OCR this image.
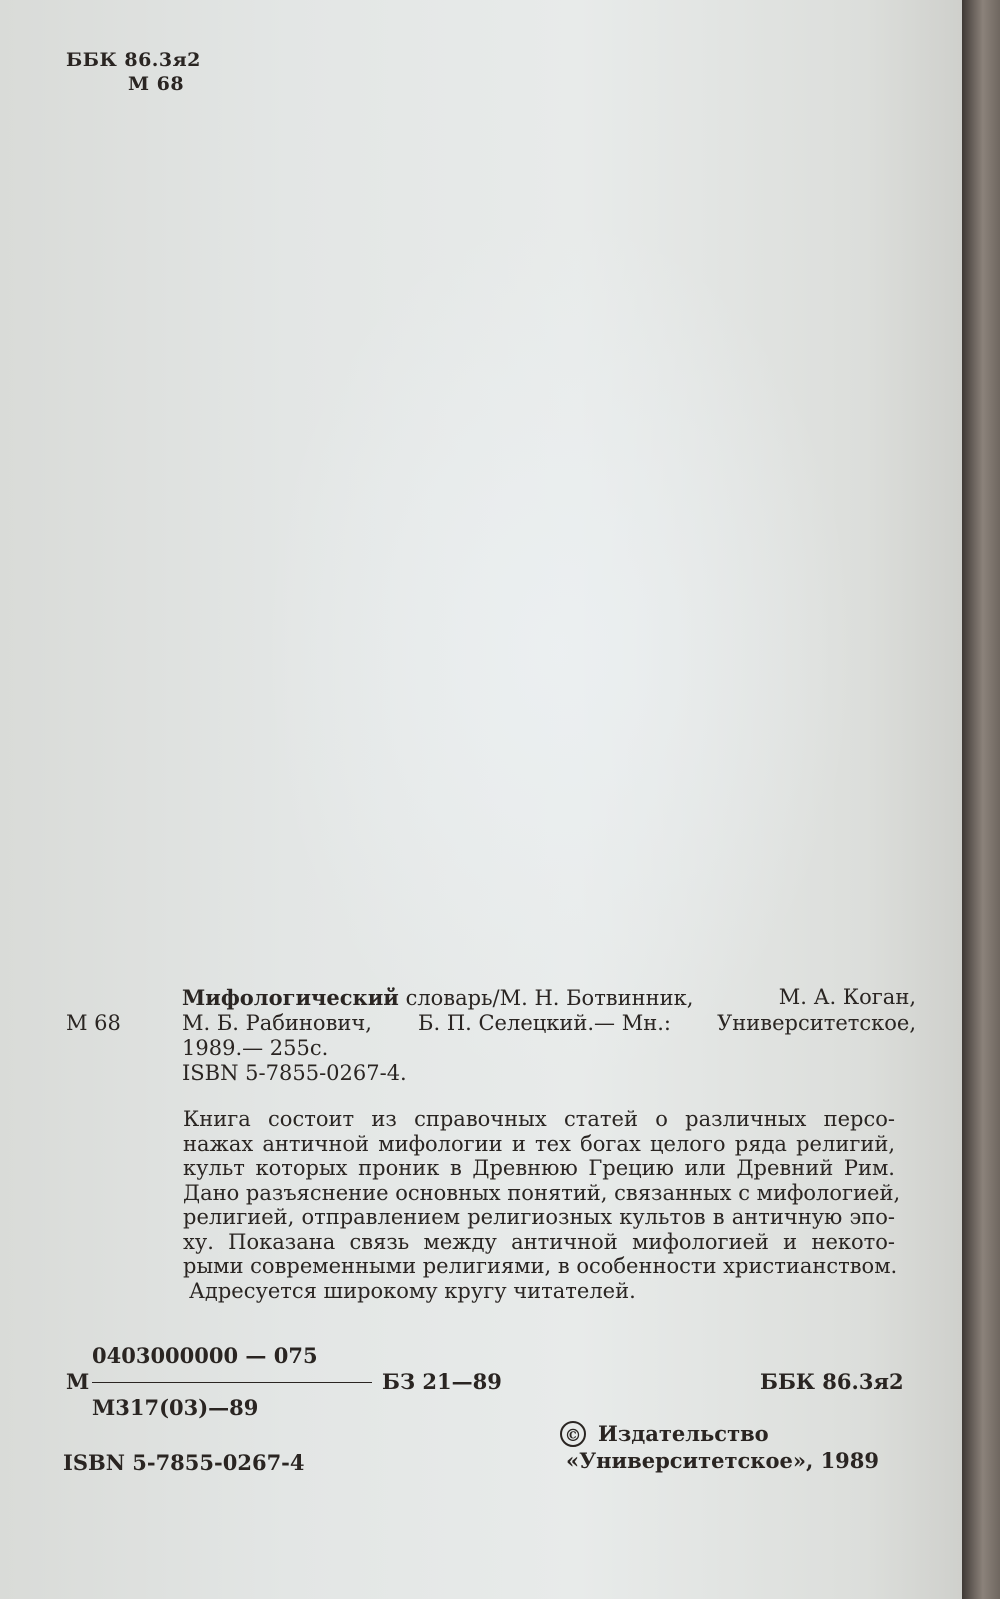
ББК 86.3я2
М 68
Мифологический словарь/М. Н. Ботвинник,	М. А. Коган,
М 68	М. Б. Рабинович, Б. П. Селецкий.— Мн.: Университетское,
1989.— 255с.
ISBN 5-7855-0267-4.
Книга состоит из справочных статей о различных персо-
нажах античной мифологии и тех богах целого ряда религий,
культ которых проник в Древнюю Грецию или Древний Рим.
Дано разъяснение основных понятий, связанных с мифологией,
религией, отправлением религиозных культов в античную эпо-
ху. Показана связь между античной мифологией и некото-
рыми современными религиями, в особенности христианством.
Адресуется широкому кругу читателей.
0403000000 — 075
М	БЗ 21—89
М317(03)—89
ББК 86.3я2
© Издательство
«Университетское», 1989
ISBN 5-7855-0267-4
